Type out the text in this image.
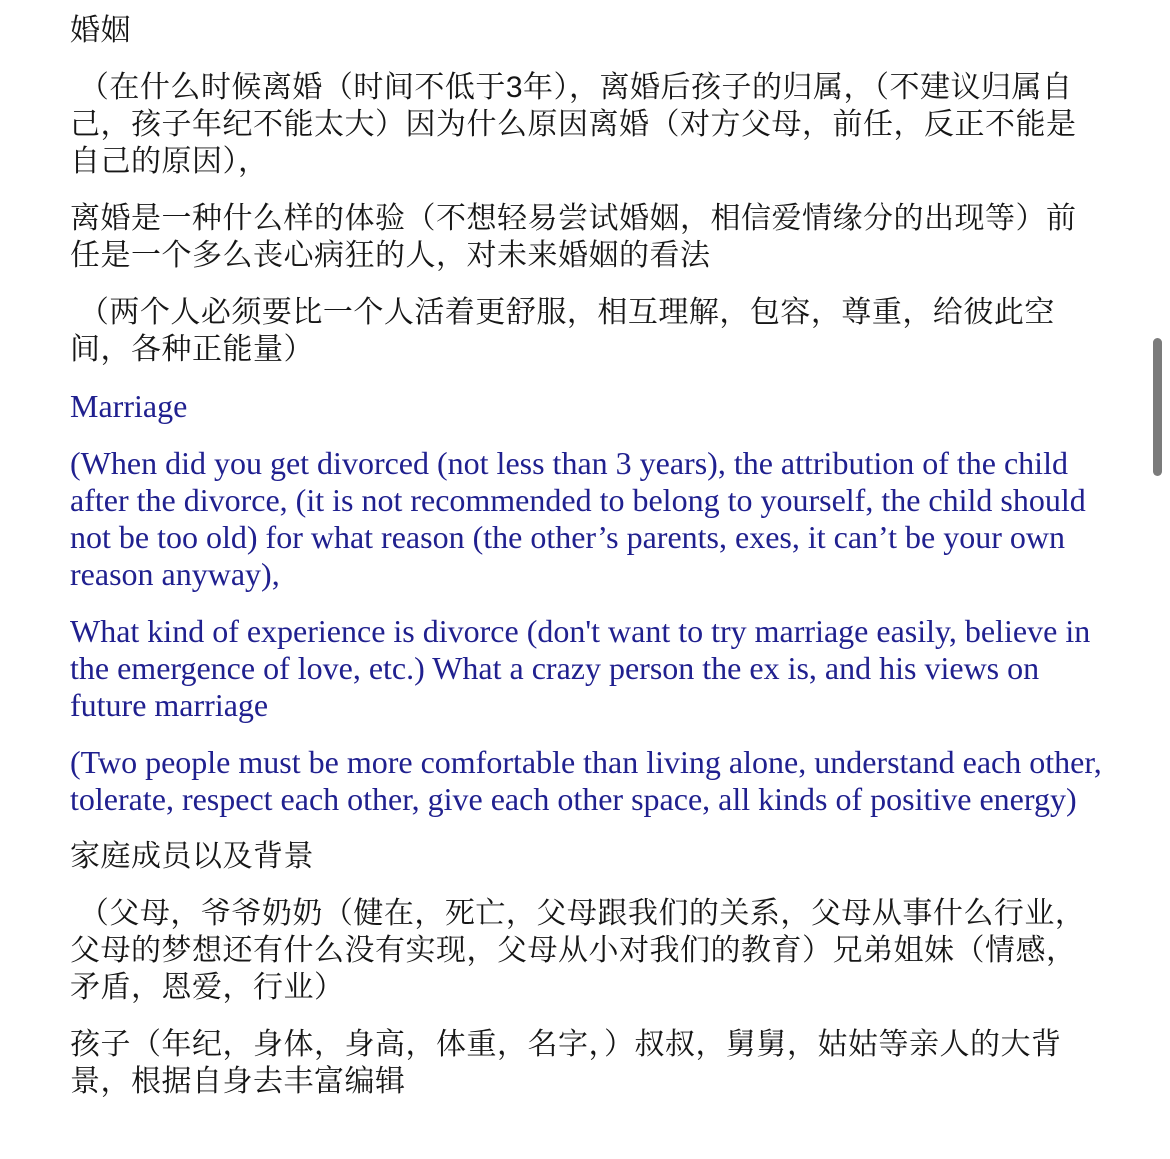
婚姻
（在什么时候离婚（时间不低于3年），离婚后孩子的归属，（不建议归属自己，孩子年纪不能太大）因为什么原因离婚（对方父母，前任，反正不能是自己的原因），
离婚是一种什么样的体验（不想轻易尝试婚姻，相信爱情缘分的出现等）前任是一个多么丧心病狂的人，对未来婚姻的看法
（两个人必须要比一个人活着更舒服，相互理解，包容，尊重，给彼此空间，各种正能量）
Marriage
(When did you get divorced (not less than 3 years), the attribution of the child after the divorce, (it is not recommended to belong to yourself, the child should not be too old) for what reason (the other’s parents, exes, it can’t be your own reason anyway),
What kind of experience is divorce (don't want to try marriage easily, believe in the emergence of love, etc.) What a crazy person the ex is, and his views on future marriage
(Two people must be more comfortable than living alone, understand each other, tolerate, respect each other, give each other space, all kinds of positive energy)
家庭成员以及背景
（父母，爷爷奶奶（健在，死亡，父母跟我们的关系，父母从事什么行业，父母的梦想还有什么没有实现，父母从小对我们的教育）兄弟姐妹（情感，矛盾，恩爱，行业）
孩子（年纪，身体，身高，体重，名字，）叔叔，舅舅，姑姑等亲人的大背景，根据自身去丰富编辑
